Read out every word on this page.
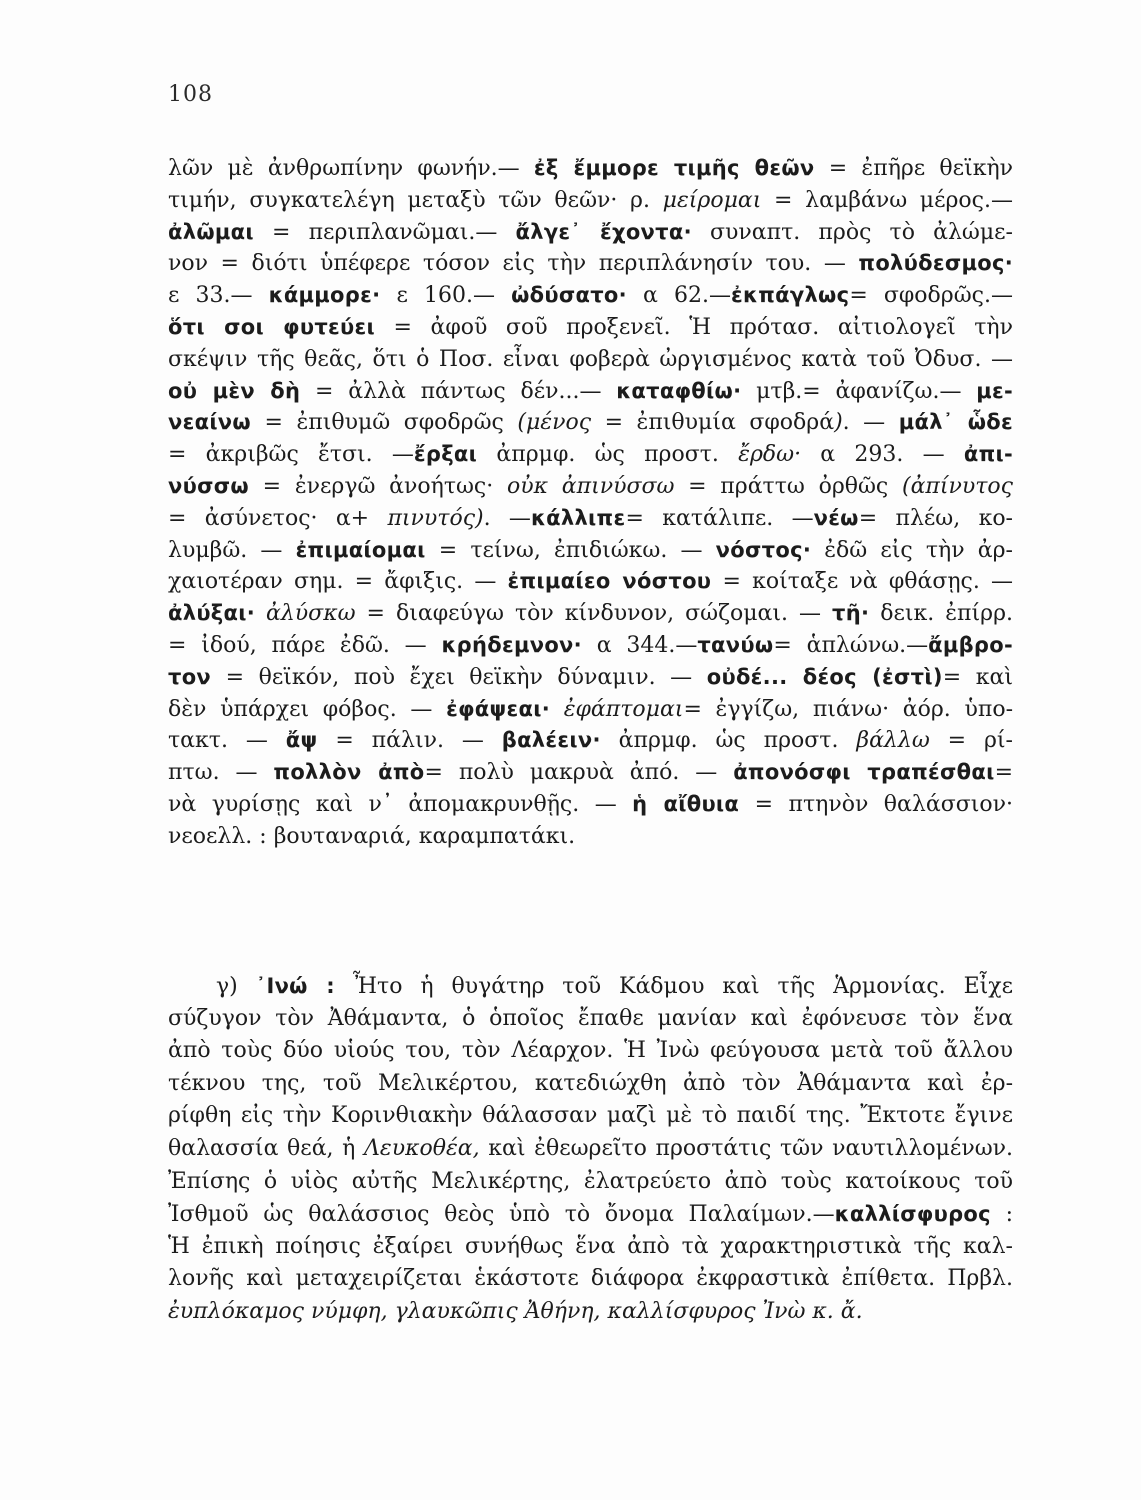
108
λῶν μὲ ἀνθρωπίνην φωνήν.— ἐξ ἔμμορε τιμῆς θεῶν = ἐπῆρε θεϊκὴν
τιμήν, συγκατελέγη μεταξὺ τῶν θεῶν· ρ. μείρομαι = λαμβάνω μέρος.—
ἀλῶμαι = περιπλανῶμαι.— ἄλγε᾿ ἔχοντα· συναπτ. πρὸς τὸ ἀλώμε-
νον = διότι ὑπέφερε τόσον εἰς τὴν περιπλάνησίν του. — πολύδεσμος·
ε 33.— κάμμορε· ε 160.— ὠδύσατο· α 62.—ἐκπάγλως= σφοδρῶς.—
ὅτι σοι φυτεύει = ἀφοῦ σοῦ προξενεῖ. Ἡ πρότασ. αἰτιολογεῖ τὴν
σκέψιν τῆς θεᾶς, ὅτι ὁ Ποσ. εἶναι φοβερὰ ὠργισμένος κατὰ τοῦ Ὀδυσ. —
οὐ μὲν δὴ = ἀλλὰ πάντως δέν...— καταφθίω· μτβ.= ἀφανίζω.— με-
νεαίνω = ἐπιθυμῶ σφοδρῶς (μένος = ἐπιθυμία σφοδρά). — μάλ᾿ ὧδε
= ἀκριβῶς ἔτσι. —ἔρξαι ἀπρμφ. ὡς προστ. ἔρδω· α 293. — ἀπι-
νύσσω = ἐνεργῶ ἀνοήτως· οὐκ ἀπινύσσω = πράττω ὀρθῶς (ἀπίνυτος
= ἀσύνετος· α+ πινυτός). —κάλλιπε= κατάλιπε. —νέω= πλέω, κο-
λυμβῶ. — ἐπιμαίομαι = τείνω, ἐπιδιώκω. — νόστος· ἐδῶ εἰς τὴν ἀρ-
χαιοτέραν σημ. = ἄφιξις. — ἐπιμαίεο νόστου = κοίταξε νὰ φθάσῃς. —
ἀλύξαι· ἀλύσκω = διαφεύγω τὸν κίνδυνον, σώζομαι. — τῆ· δεικ. ἐπίρρ.
= ἰδού, πάρε ἐδῶ. — κρήδεμνον· α 344.—τανύω= ἁπλώνω.—ἄμβρο-
τον = θεϊκόν, ποὺ ἔχει θεϊκὴν δύναμιν. — οὐδέ... δέος (ἐστὶ)= καὶ
δὲν ὑπάρχει φόβος. — ἐφάψεαι· ἐφάπτομαι= ἐγγίζω, πιάνω· ἀόρ. ὑπο-
τακτ. — ἄψ = πάλιν. — βαλέειν· ἀπρμφ. ὡς προστ. βάλλω = ρί-
πτω. — πολλὸν ἀπὸ= πολὺ μακρυὰ ἀπό. — ἀπονόσφι τραπέσθαι=
νὰ γυρίσῃς καὶ ν᾿ ἀπομακρυνθῇς. — ἡ αἴθυια = πτηνὸν θαλάσσιον·
νεοελλ. : βουταναριά, καραμπατάκι.
γ) ᾿Ινώ : Ἦτο ἡ θυγάτηρ τοῦ Κάδμου καὶ τῆς Ἁρμονίας. Εἶχε
σύζυγον τὸν Ἀθάμαντα, ὁ ὁποῖος ἔπαθε μανίαν καὶ ἐφόνευσε τὸν ἕνα
ἀπὸ τοὺς δύο υἱούς του, τὸν Λέαρχον. Ἡ Ἰνὼ φεύγουσα μετὰ τοῦ ἄλλου
τέκνου της, τοῦ Μελικέρτου, κατεδιώχθη ἀπὸ τὸν Ἀθάμαντα καὶ ἐρ-
ρίφθη εἰς τὴν Κορινθιακὴν θάλασσαν μαζὶ μὲ τὸ παιδί της. Ἔκτοτε ἔγινε
θαλασσία θεά, ἡ Λευκοθέα, καὶ ἐθεωρεῖτο προστάτις τῶν ναυτιλλομένων.
Ἐπίσης ὁ υἱὸς αὐτῆς Μελικέρτης, ἐλατρεύετο ἀπὸ τοὺς κατοίκους τοῦ
Ἰσθμοῦ ὡς θαλάσσιος θεὸς ὑπὸ τὸ ὄνομα Παλαίμων.—καλλίσφυρος :
Ἡ ἐπικὴ ποίησις ἐξαίρει συνήθως ἕνα ἀπὸ τὰ χαρακτηριστικὰ τῆς καλ-
λονῆς καὶ μεταχειρίζεται ἑκάστοτε διάφορα ἐκφραστικὰ ἐπίθετα. Πρβλ.
ἐυπλόκαμος νύμφη, γλαυκῶπις Ἀθήνη, καλλίσφυρος Ἰνὼ κ. ἄ.
